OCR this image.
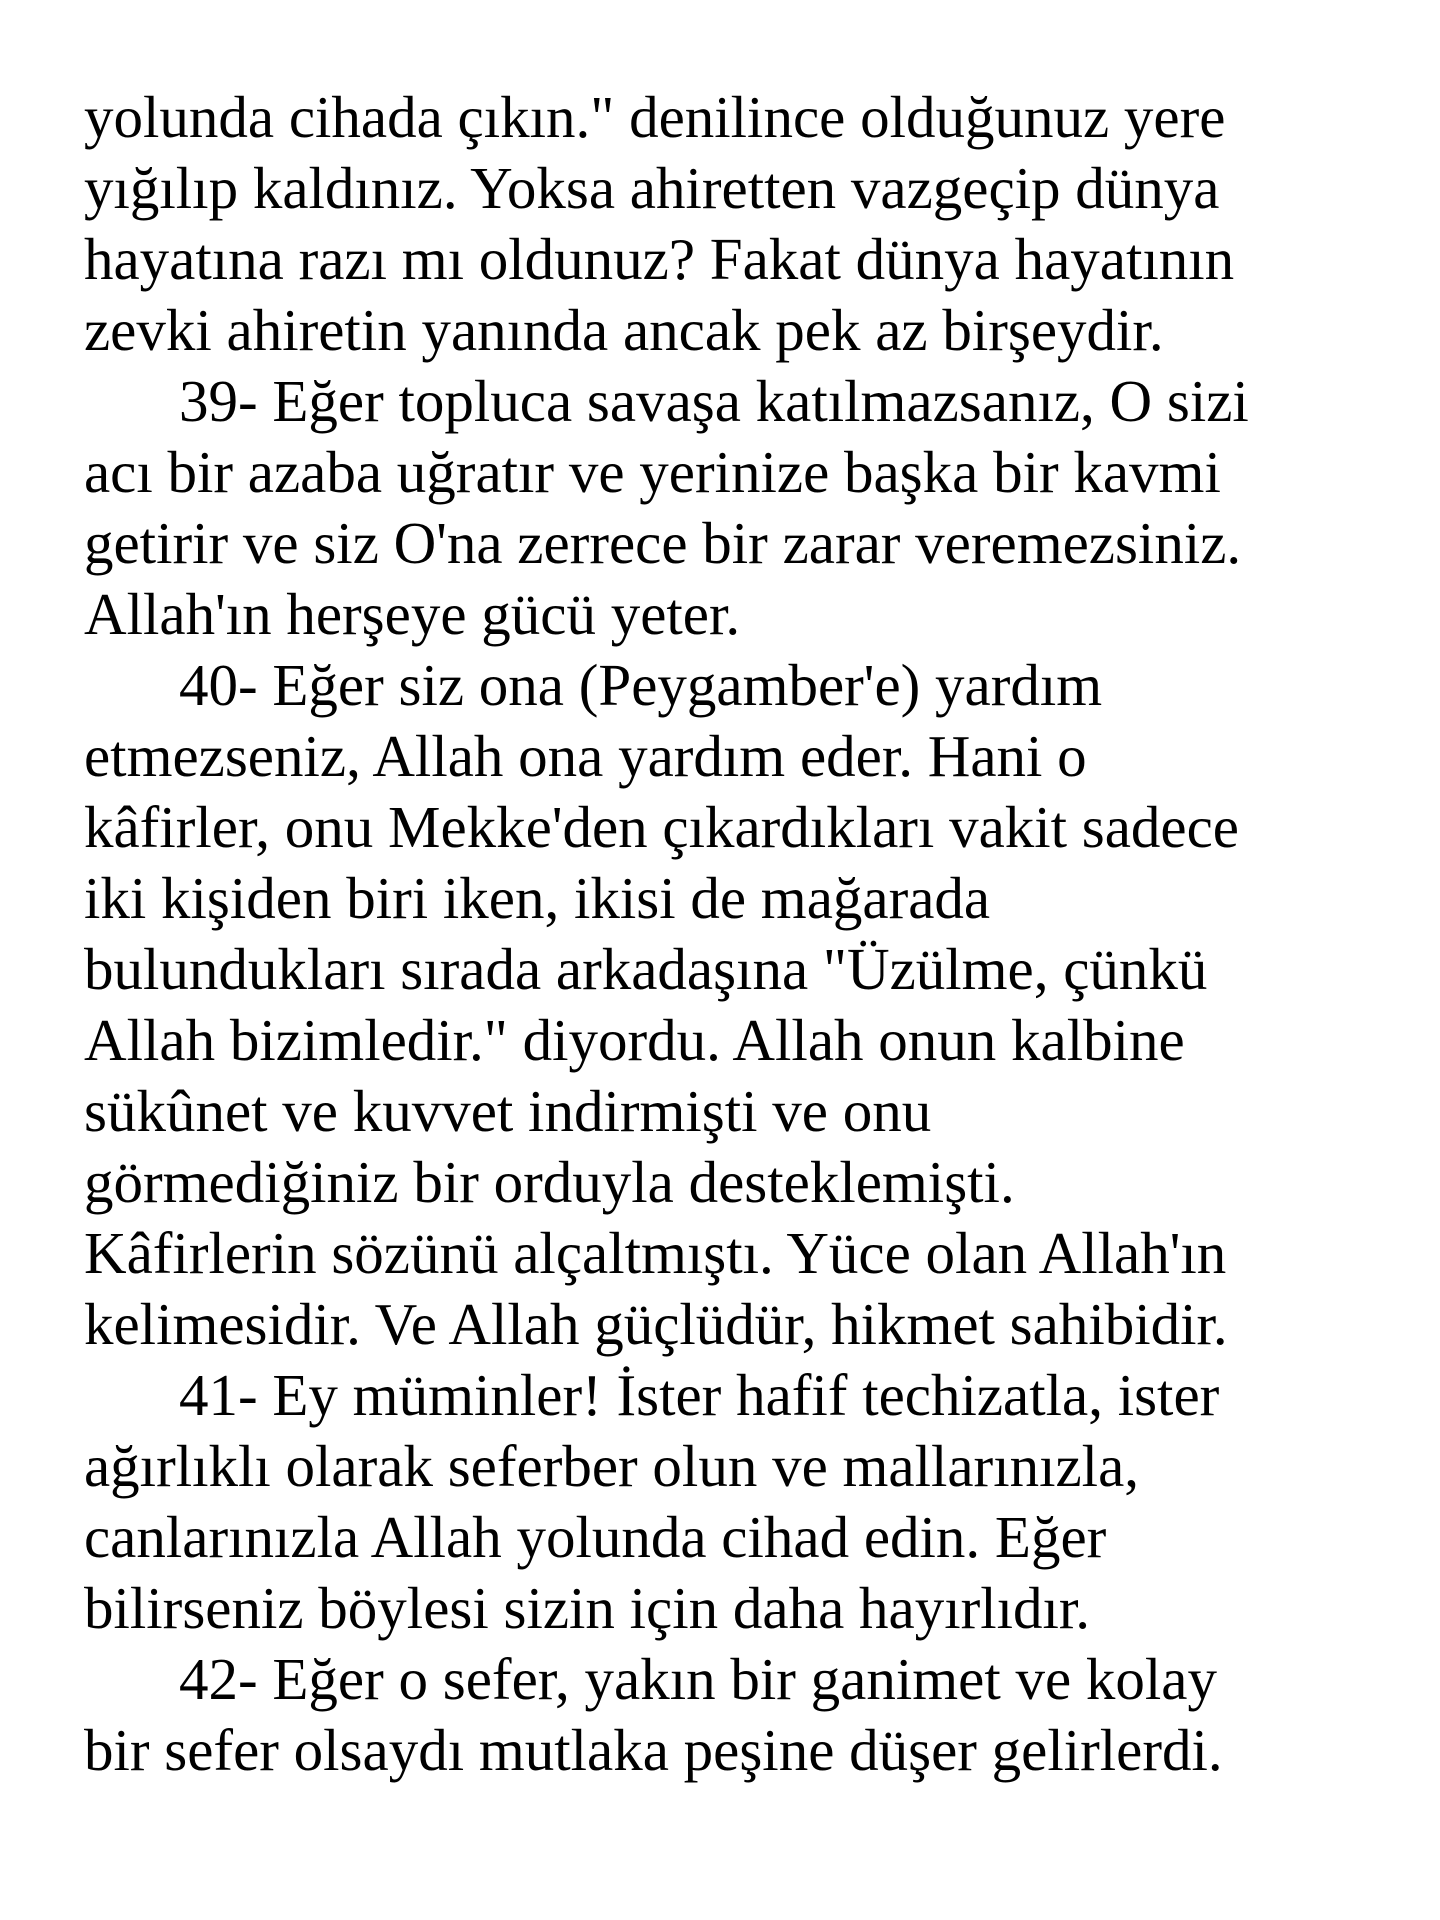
yolunda cihada çıkın." denilince olduğunuz yere
yığılıp kaldınız. Yoksa ahiretten vazgeçip dünya
hayatına razı mı oldunuz? Fakat dünya hayatının
zevki ahiretin yanında ancak pek az birşeydir.

39- Eğer topluca savaşa katılmazsanız, O sizi
acı bir azaba uğratır ve yerinize başka bir kavmi
getirir ve siz O'na zerrece bir zarar veremezsiniz.
Allah'ın herşeye gücü yeter.

40- Eğer siz ona (Peygamber'e) yardım
etmezseniz, Allah ona yardım eder. Hani o
kâfirler, onu Mekke'den çıkardıkları vakit sadece
iki kişiden biri iken, ikisi de mağarada
bulundukları sırada arkadaşına "Üzülme, çünkü
Allah bizimledir." diyordu. Allah onun kalbine
sükûnet ve kuvvet indirmişti ve onu
görmediğiniz bir orduyla desteklemişti.
Kâfirlerin sözünü alçaltmıştı. Yüce olan Allah'ın
kelimesidir. Ve Allah güçlüdür, hikmet sahibidir.

41- Ey müminler! İster hafif techizatla, ister
ağırlıklı olarak seferber olun ve mallarınızla,
canlarınızla Allah yolunda cihad edin. Eğer
bilirseniz böylesi sizin için daha hayırlıdır.

42- Eğer o sefer, yakın bir ganimet ve kolay
bir sefer olsaydı mutlaka peşine düşer gelirlerdi.
